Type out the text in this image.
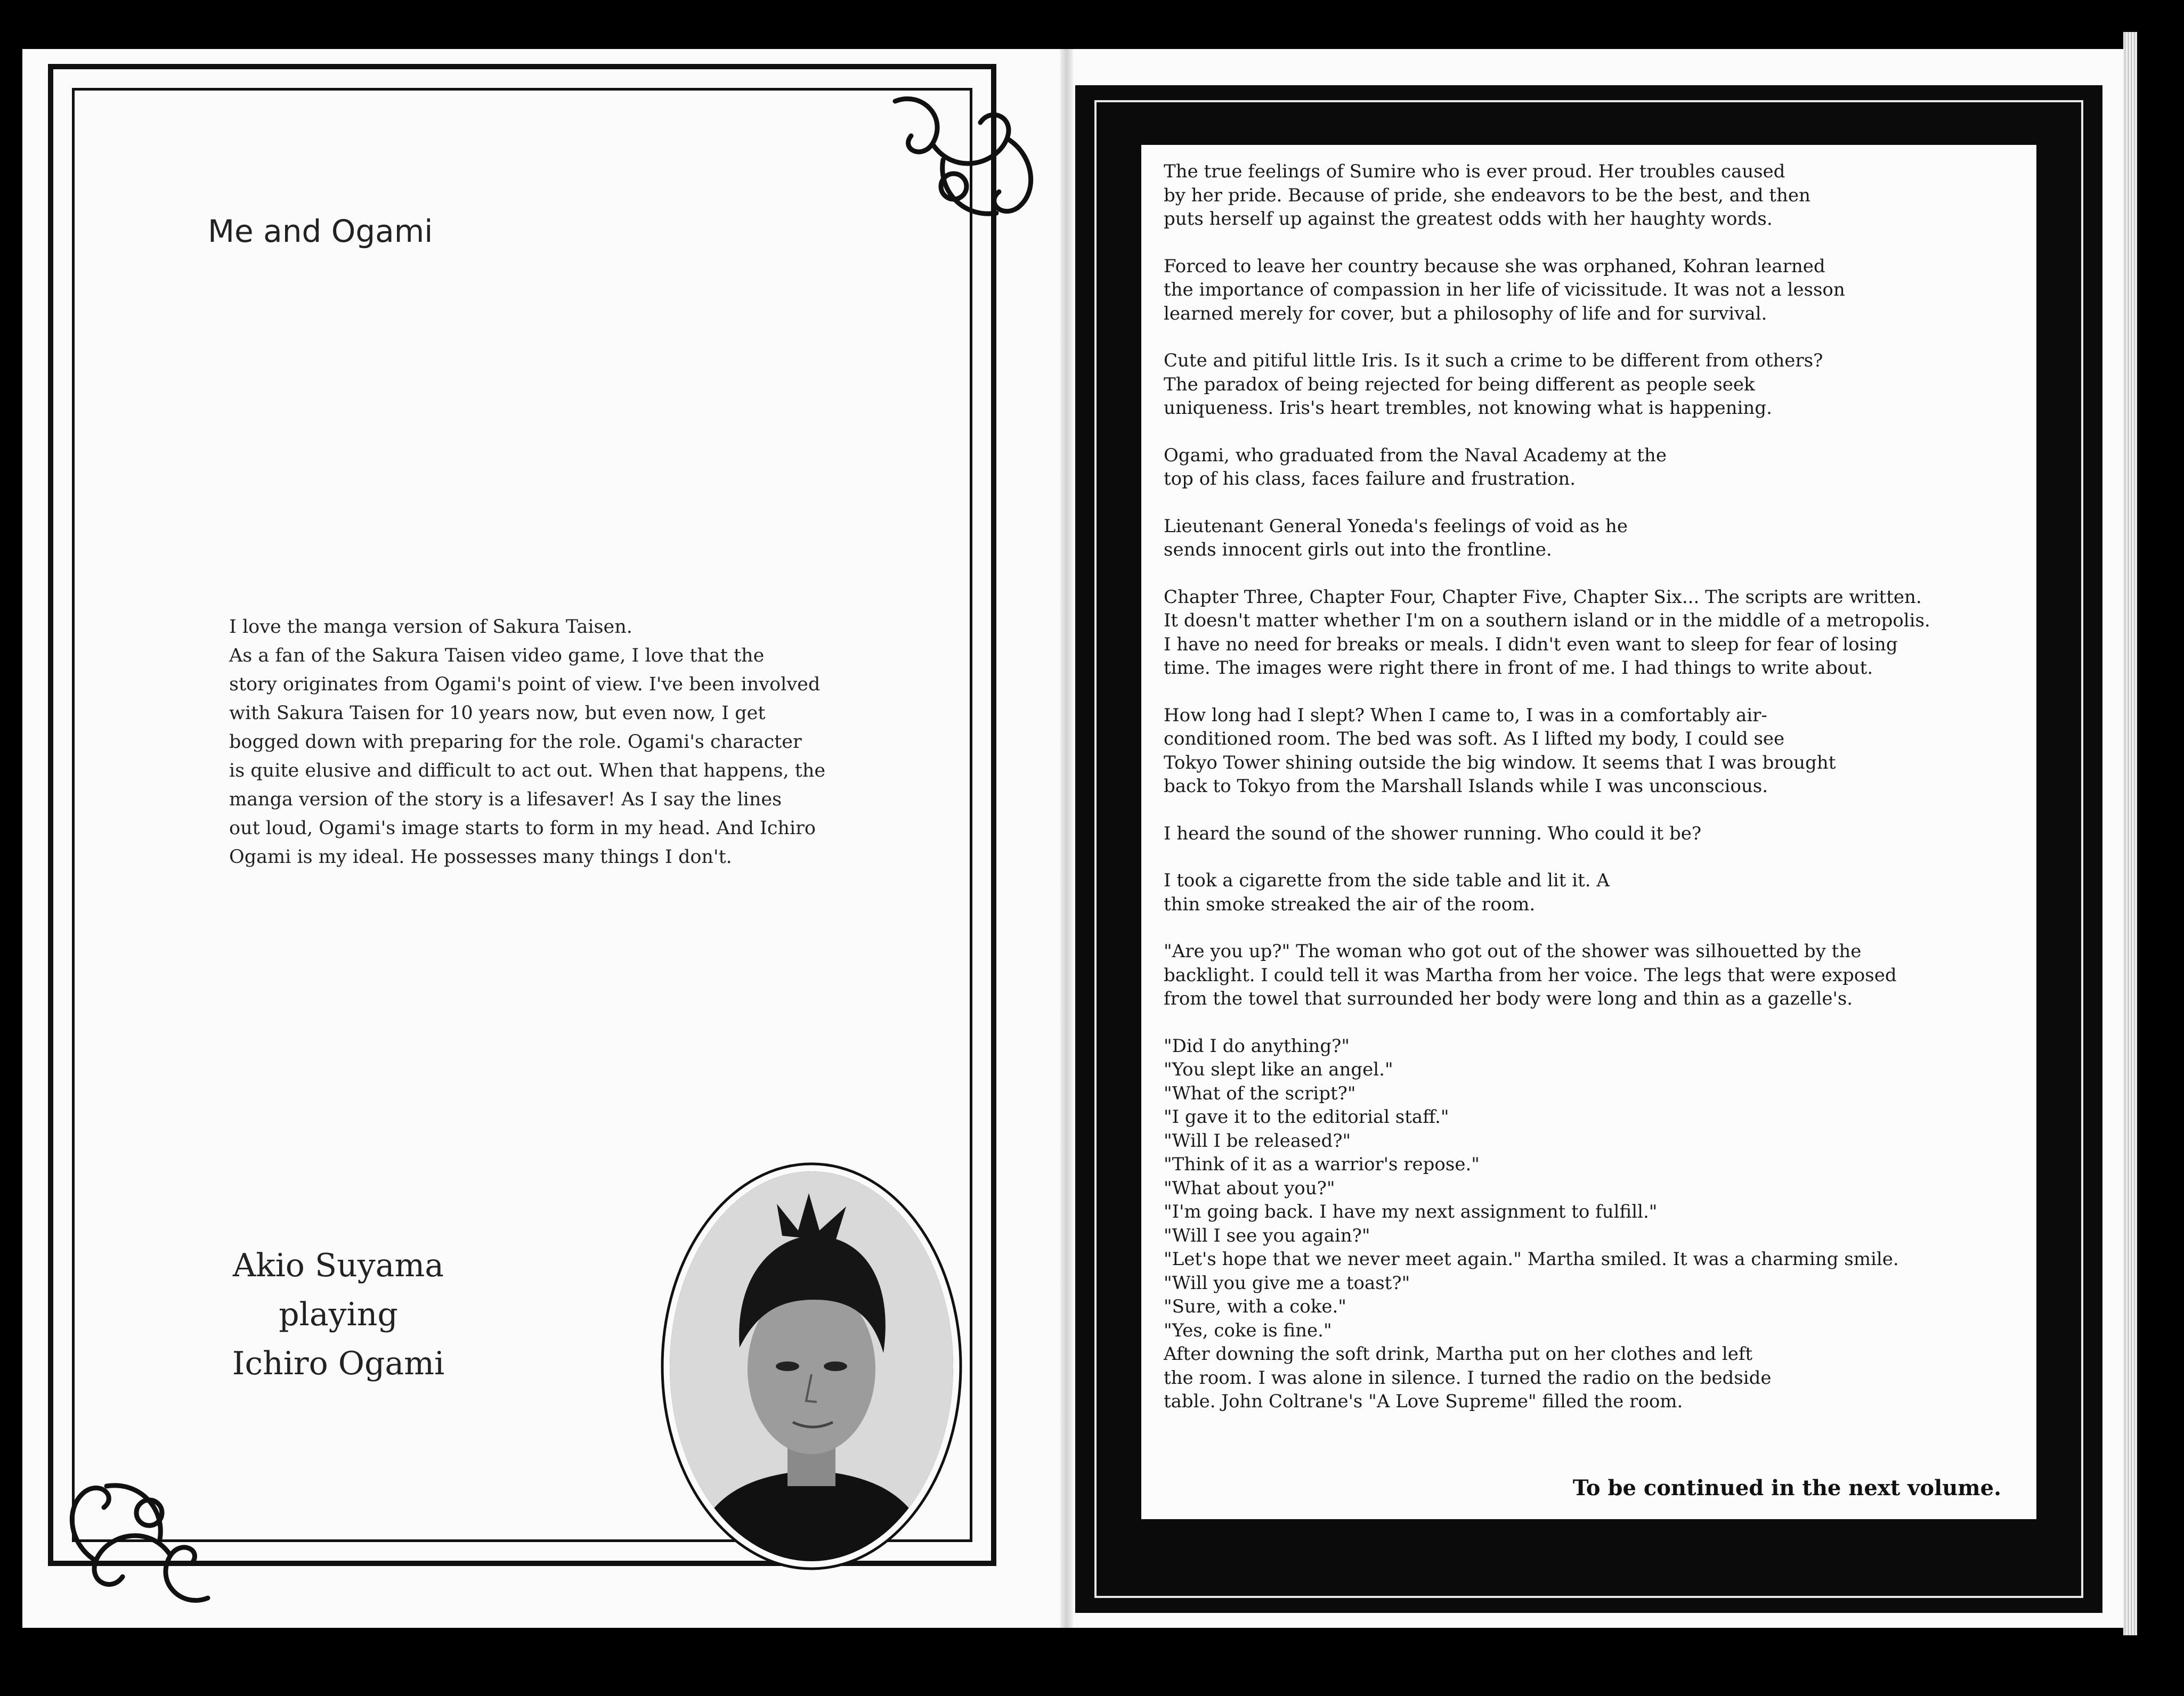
Me and Ogami

I love the manga version of Sakura Taisen.

As a fan of the Sakura Taisen video game, I love that the

story originates from Ogami's point of view. I've been involved

with Sakura Taisen for 10 years now, but even now, I get

bogged down with preparing for the role. Ogami's character

is quite elusive and difficult to act out. When that happens, the

manga version of the story is a lifesaver! As I say the lines

out loud, Ogami's image starts to form in my head. And Ichiro

Ogami is my ideal. He possesses many things I don't.

Akio Suyama
playing
Ichiro Ogami
The true feelings of Sumire who is ever proud. Her troubles caused
by her pride. Because of pride, she endeavors to be the best, and then
puts herself up against the greatest odds with her haughty words.
Forced to leave her country because she was orphaned, Kohran learned
the importance of compassion in her life of vicissitude. It was not a lesson
learned merely for cover, but a philosophy of life and for survival.
Cute and pitiful little Iris. Is it such a crime to be different from others?
The paradox of being rejected for being different as people seek
uniqueness. Iris's heart trembles, not knowing what is happening.
Ogami, who graduated from the Naval Academy at the
top of his class, faces failure and frustration.
Lieutenant General Yoneda's feelings of void as he
sends innocent girls out into the frontline.
Chapter Three, Chapter Four, Chapter Five, Chapter Six... The scripts are written.
It doesn't matter whether I'm on a southern island or in the middle of a metropolis.
I have no need for breaks or meals. I didn't even want to sleep for fear of losing
time. The images were right there in front of me. I had things to write about.
How long had I slept? When I came to, I was in a comfortably air-
conditioned room. The bed was soft. As I lifted my body, I could see
Tokyo Tower shining outside the big window. It seems that I was brought
back to Tokyo from the Marshall Islands while I was unconscious.
I heard the sound of the shower running. Who could it be?
I took a cigarette from the side table and lit it. A
thin smoke streaked the air of the room.
"Are you up?" The woman who got out of the shower was silhouetted by the
backlight. I could tell it was Martha from her voice. The legs that were exposed
from the towel that surrounded her body were long and thin as a gazelle's.
"Did I do anything?"
"You slept like an angel."
"What of the script?"
"I gave it to the editorial staff."
"Will I be released?"
"Think of it as a warrior's repose."
"What about you?"
"I'm going back. I have my next assignment to fulfill."
"Will I see you again?"
"Let's hope that we never meet again." Martha smiled. It was a charming smile.
"Will you give me a toast?"
"Sure, with a coke."
"Yes, coke is fine."
After downing the soft drink, Martha put on her clothes and left
the room. I was alone in silence. I turned the radio on the bedside
table. John Coltrane's "A Love Supreme" filled the room.
To be continued in the next volume.
